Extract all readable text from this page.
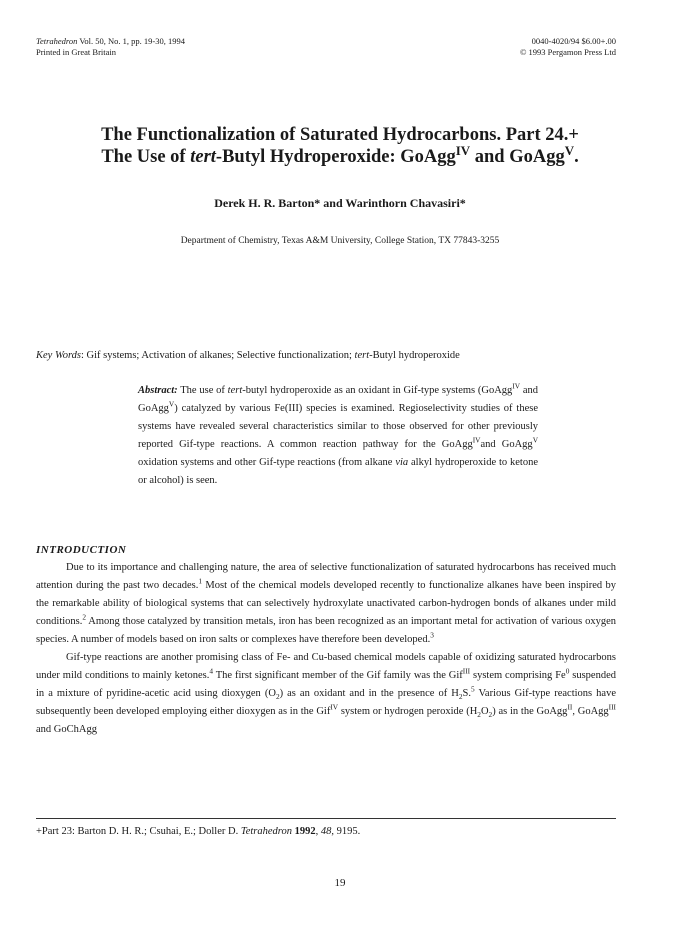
Tetrahedron Vol. 50, No. 1, pp. 19-30, 1994
Printed in Great Britain
0040-4020/94 $6.00+.00
© 1993 Pergamon Press Ltd
The Functionalization of Saturated Hydrocarbons. Part 24.+
The Use of tert-Butyl Hydroperoxide: GoAgg$^{IV}$ and GoAgg$^V$.
Derek H. R. Barton* and Warinthorn Chavasiri*
Department of Chemistry, Texas A&M University, College Station, TX 77843-3255
Key Words: Gif systems; Activation of alkanes; Selective functionalization; tert-Butyl hydroperoxide

Abstract: The use of tert-butyl hydroperoxide as an oxidant in Gif-type systems (GoAgg$^{IV}$ and GoAgg$^V$) catalyzed by various Fe(III) species is examined. Regioselectivity studies of these systems have revealed several characteristics similar to those observed for other previously reported Gif-type reactions. A common reaction pathway for the GoAgg$^{IV}$and GoAgg$^V$ oxidation systems and other Gif-type reactions (from alkane via alkyl hydroperoxide to ketone or alcohol) is seen.

INTRODUCTION

Due to its importance and challenging nature, the area of selective functionalization of saturated hydrocarbons has received much attention during the past two decades.$^1$ Most of the chemical models developed recently to functionalize alkanes have been inspired by the remarkable ability of biological systems that can selectively hydroxylate unactivated carbon-hydrogen bonds of alkanes under mild conditions.$^2$ Among those catalyzed by transition metals, iron has been recognized as an important metal for activation of various oxygen species. A number of models based on iron salts or complexes have therefore been developed.$^3$

Gif-type reactions are another promising class of Fe- and Cu-based chemical models capable of oxidizing saturated hydrocarbons under mild conditions to mainly ketones.$^4$ The first significant member of the Gif family was the Gif$^{III}$ system comprising Fe$^0$ suspended in a mixture of pyridine-acetic acid using dioxygen $(O_2)$ as an oxidant and in the presence of $H_2S.^5$ Various Gif-type reactions have subsequently been developed employing either dioxygen as in the Gif$^{IV}$ system or hydrogen peroxide $(H_2O_2)$ as in the GoAgg$^{II}$, GoAgg$^{III}$ and GoChAgg

+Part 23: Barton D. H. R.; Csuhai, E.; Doller D. Tetrahedron 1992, 48, 9195.
19
